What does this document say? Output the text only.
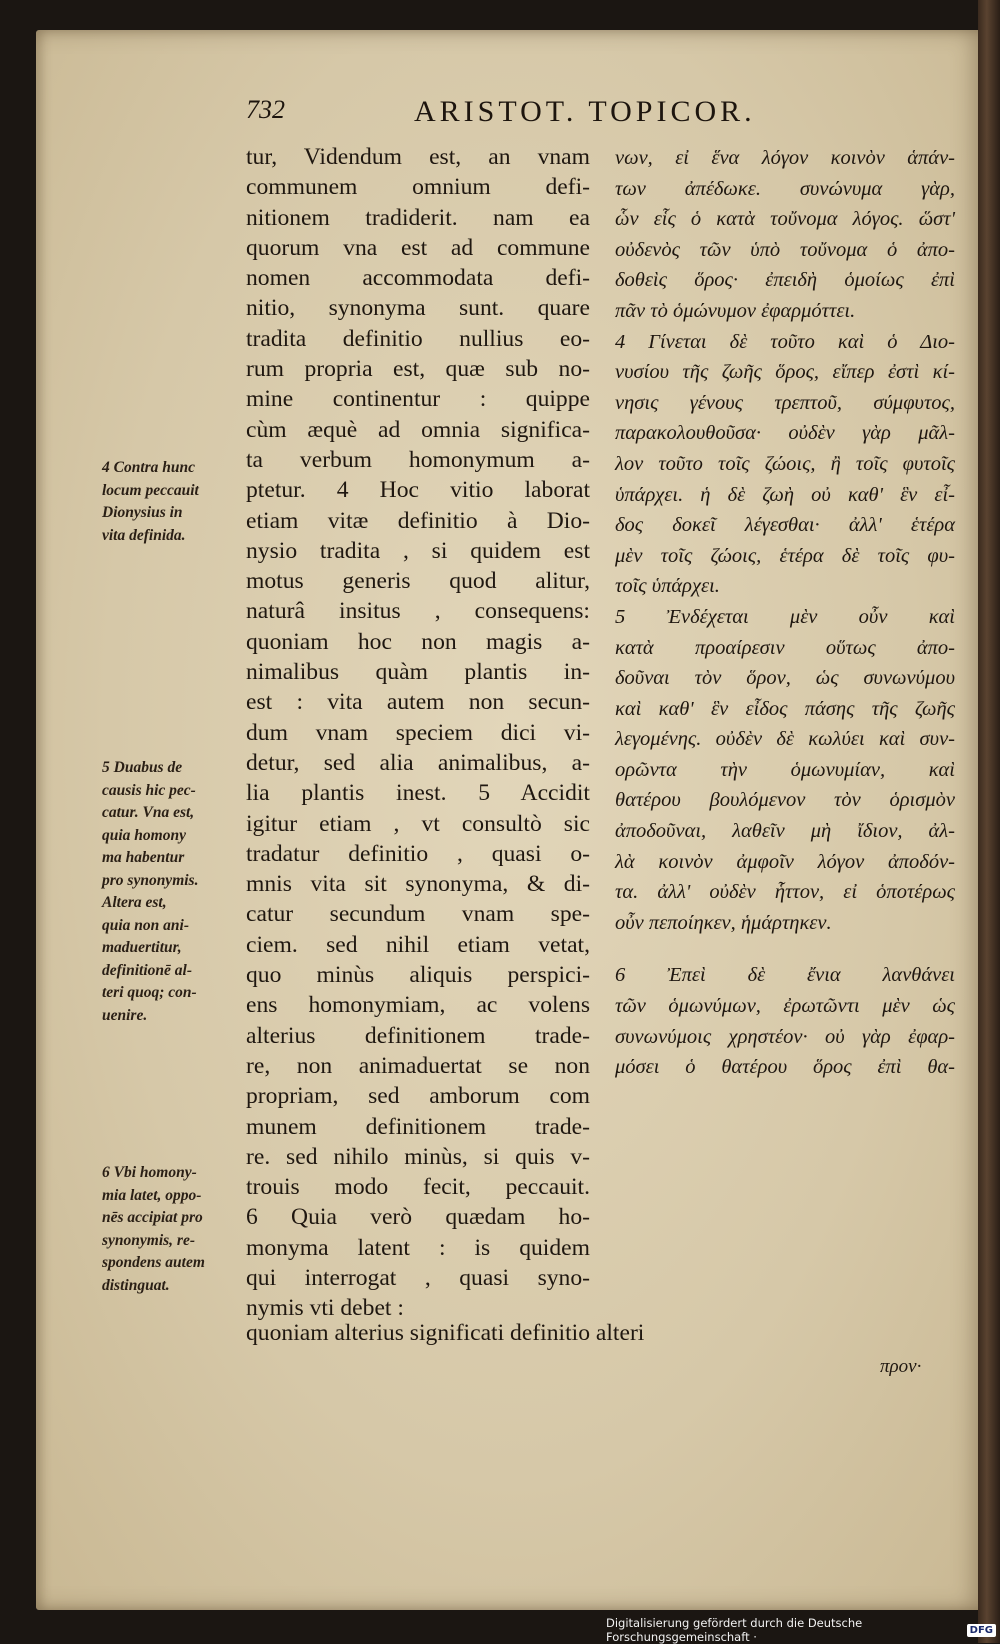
732	ARISTOT. TOPICOR.
tur, Videndum est, an vnam
communem omnium defi-
nitionem tradiderit. nam ea
quorum vna est ad commune
nomen accommodata defi-
nitio, synonyma sunt. quare
tradita definitio nullius eo-
rum propria est, quæ sub no-
mine continentur : quippe
cùm æquè ad omnia significa-
ta verbum homonymum a-
ptetur. 4 Hoc vitio laborat
etiam vitæ definitio à Dio-
nysio tradita , si quidem est
motus generis quod alitur,
naturâ insitus , consequens:
quoniam hoc non magis a-
nimalibus quàm plantis in-
est : vita autem non secun-
dum vnam speciem dici vi-
detur, sed alia animalibus, a-
lia plantis inest. 5 Accidit
igitur etiam , vt consultò sic
tradatur definitio , quasi o-
mnis vita sit synonyma, & di-
catur secundum vnam spe-
ciem. sed nihil etiam vetat,
quo minùs aliquis perspici-
ens homonymiam, ac volens
alterius definitionem trade-
re, non animaduertat se non
propriam, sed amborum com
munem definitionem trade-
re. sed nihilo minùs, si quis v-
trouis modo fecit, peccauit.
6 Quia verò quædam ho-
monyma latent : is quidem
qui interrogat , quasi syno-
nymis vti debet :
νων, εἰ ἕνα λόγον κοινὸν ἁπάν-
των ἀπέδωκε. συνώνυμα γὰρ,
ὧν εἷς ὁ κατὰ τοὔνομα λόγος. ὥστ'
οὐδενὸς τῶν ὑπὸ τοὔνομα ὁ ἀπο-
δοθεὶς ὅρος· ἐπειδὴ ὁμοίως ἐπὶ
πᾶν τὸ ὁμώνυμον ἐφαρμόττει.
4 Γίνεται δὲ τοῦτο καὶ ὁ Διο-
νυσίου τῆς ζωῆς ὅρος, εἴπερ ἐστὶ κί-
νησις γένους τρεπτοῦ, σύμφυτος,
παρακολουθοῦσα· οὐδὲν γὰρ μᾶλ-
λον τοῦτο τοῖς ζώοις, ἢ τοῖς φυτοῖς
ὑπάρχει. ἡ δὲ ζωὴ οὐ καθ' ἓν εἶ-
δος δοκεῖ λέγεσθαι· ἀλλ' ἑτέρα
μὲν τοῖς ζώοις, ἑτέρα δὲ τοῖς φυ-
τοῖς ὑπάρχει.
5 Ἐνδέχεται μὲν οὖν καὶ
κατὰ προαίρεσιν οὕτως ἀπο-
δοῦναι τὸν ὅρον, ὡς συνωνύμου
καὶ καθ' ἓν εἶδος πάσης τῆς ζωῆς
λεγομένης. οὐδὲν δὲ κωλύει καὶ συν-
ορῶντα τὴν ὁμωνυμίαν, καὶ
θατέρου βουλόμενον τὸν ὁρισμὸν
ἀποδοῦναι, λαθεῖν μὴ ἴδιον, ἀλ-
λὰ κοινὸν ἀμφοῖν λόγον ἀποδόν-
τα. ἀλλ' οὐδὲν ἧττον, εἰ ὁποτέρως
οὖν πεποίηκεν, ἡμάρτηκεν.
6 Ἐπεὶ δὲ ἔνια λανθάνει
τῶν ὁμωνύμων, ἐρωτῶντι μὲν ὡς
συνωνύμοις χρηστέον· οὐ γὰρ ἐφαρ-
μόσει ὁ θατέρου ὅρος ἐπὶ θα-
4 Contra hunc
locum peccauit
Dionysius in
vita definida.
5 Duabus de
causis hic pec-
catur. Vna est,
quia homony
ma habentur
pro synonymis.
Altera est,
quia non ani-
maduertitur,
definitionē al-
teri quoq; con-
uenire.
6 Vbi homony-
mia latet, oppo-
nēs accipiat pro
synonymis, re-
spondens autem
distinguat.
quoniam alterius significati definitio alteri
προν·
Digitalisierung gefördert durch die Deutsche Forschungsgemeinschaft ·	DFG
